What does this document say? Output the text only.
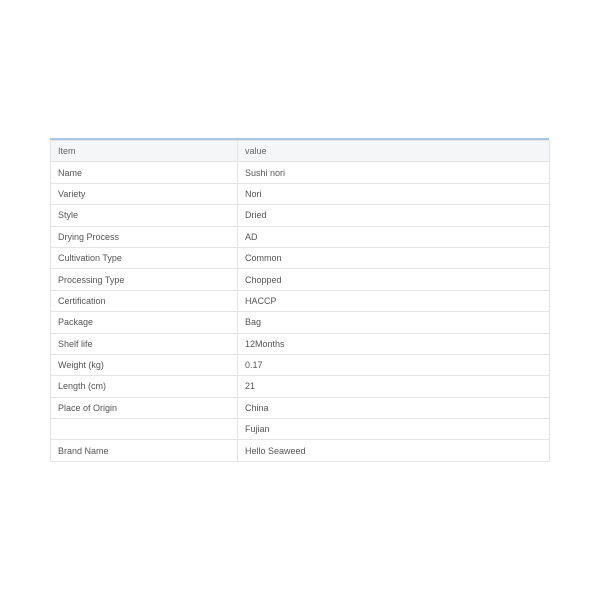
Item	value
Name	Sushi nori
Variety	Nori
Style	Dried
Drying Process	AD
Cultivation Type	Common
Processing Type	Chopped
Certification	HACCP
Package	Bag
Shelf life	12Months
Weight (kg)	0.17
Length (cm)	21
Place of Origin	China
	Fujian
Brand Name	Hello Seaweed
